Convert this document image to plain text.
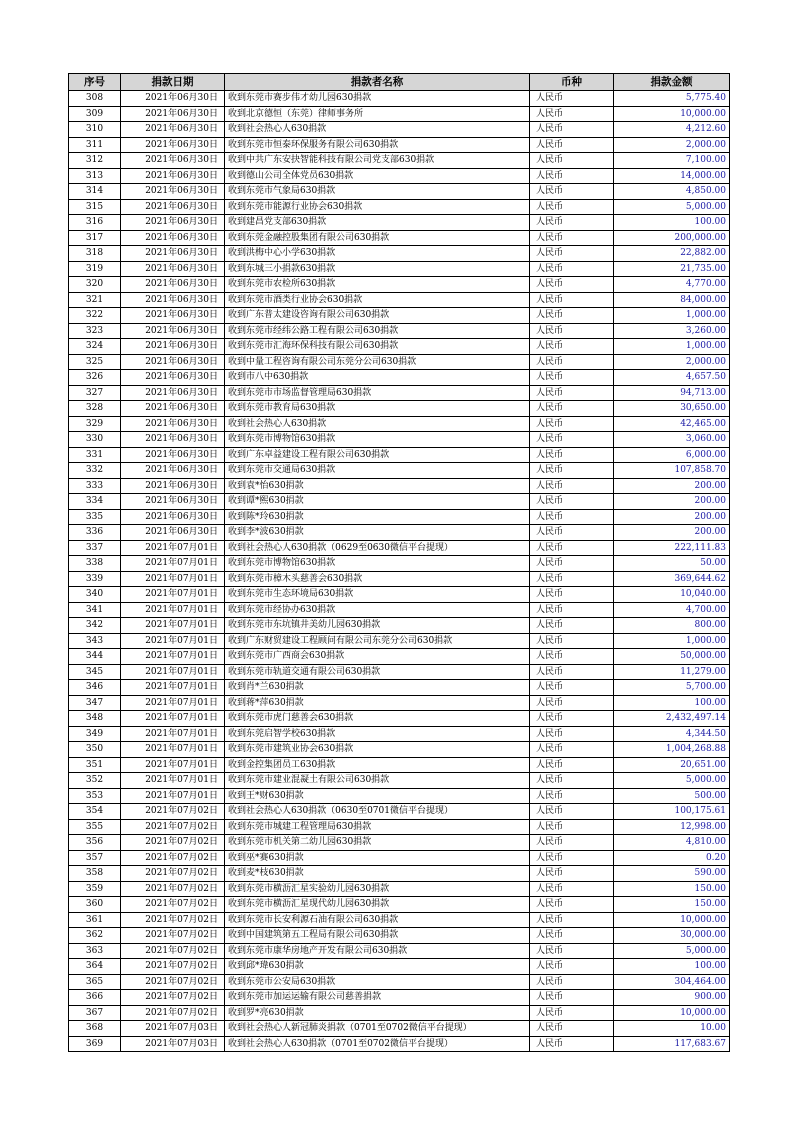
序号	捐款日期	捐款者名称	币种	捐款金额
308	2021年06月30日	收到东莞市赛步伟才幼儿园630捐款	人民币	5,775.40
309	2021年06月30日	收到北京德恒（东莞）律师事务所	人民币	10,000.00
310	2021年06月30日	收到社会热心人630捐款	人民币	4,212.60
311	2021年06月30日	收到东莞市恒泰环保服务有限公司630捐款	人民币	2,000.00
312	2021年06月30日	收到中共广东安抉智能科技有限公司党支部630捐款	人民币	7,100.00
313	2021年06月30日	收到德山公司全体党员630捐款	人民币	14,000.00
314	2021年06月30日	收到东莞市气象局630捐款	人民币	4,850.00
315	2021年06月30日	收到东莞市能源行业协会630捐款	人民币	5,000.00
316	2021年06月30日	收到建昌党支部630捐款	人民币	100.00
317	2021年06月30日	收到东莞金融控股集团有限公司630捐款	人民币	200,000.00
318	2021年06月30日	收到洪梅中心小学630捐款	人民币	22,882.00
319	2021年06月30日	收到东城三小捐款630捐款	人民币	21,735.00
320	2021年06月30日	收到东莞市农检所630捐款	人民币	4,770.00
321	2021年06月30日	收到东莞市酒类行业协会630捐款	人民币	84,000.00
322	2021年06月30日	收到广东普太建设咨询有限公司630捐款	人民币	1,000.00
323	2021年06月30日	收到东莞市经纬公路工程有限公司630捐款	人民币	3,260.00
324	2021年06月30日	收到东莞市汇海环保科技有限公司630捐款	人民币	1,000.00
325	2021年06月30日	收到中量工程咨询有限公司东莞分公司630捐款	人民币	2,000.00
326	2021年06月30日	收到市八中630捐款	人民币	4,657.50
327	2021年06月30日	收到东莞市市场监督管理局630捐款	人民币	94,713.00
328	2021年06月30日	收到东莞市教育局630捐款	人民币	30,650.00
329	2021年06月30日	收到社会热心人630捐款	人民币	42,465.00
330	2021年06月30日	收到东莞市博物馆630捐款	人民币	3,060.00
331	2021年06月30日	收到广东卓益建设工程有限公司630捐款	人民币	6,000.00
332	2021年06月30日	收到东莞市交通局630捐款	人民币	107,858.70
333	2021年06月30日	收到袁*怡630捐款	人民币	200.00
334	2021年06月30日	收到谭*熙630捐款	人民币	200.00
335	2021年06月30日	收到陈*玲630捐款	人民币	200.00
336	2021年06月30日	收到李*波630捐款	人民币	200.00
337	2021年07月01日	收到社会热心人630捐款（0629至0630微信平台提现）	人民币	222,111.83
338	2021年07月01日	收到东莞市博物馆630捐款	人民币	50.00
339	2021年07月01日	收到东莞市樟木头慈善会630捐款	人民币	369,644.62
340	2021年07月01日	收到东莞市生态环境局630捐款	人民币	10,040.00
341	2021年07月01日	收到东莞市经协办630捐款	人民币	4,700.00
342	2021年07月01日	收到东莞市东坑镇井美幼儿园630捐款	人民币	800.00
343	2021年07月01日	收到广东财贸建设工程顾问有限公司东莞分公司630捐款	人民币	1,000.00
344	2021年07月01日	收到东莞市广西商会630捐款	人民币	50,000.00
345	2021年07月01日	收到东莞市轨道交通有限公司630捐款	人民币	11,279.00
346	2021年07月01日	收到肖*兰630捐款	人民币	5,700.00
347	2021年07月01日	收到蒋*萍630捐款	人民币	100.00
348	2021年07月01日	收到东莞市虎门慈善会630捐款	人民币	2,432,497.14
349	2021年07月01日	收到东莞启智学校630捐款	人民币	4,344.50
350	2021年07月01日	收到东莞市建筑业协会630捐款	人民币	1,004,268.88
351	2021年07月01日	收到金控集团员工630捐款	人民币	20,651.00
352	2021年07月01日	收到东莞市建业混凝土有限公司630捐款	人民币	5,000.00
353	2021年07月01日	收到王*财630捐款	人民币	500.00
354	2021年07月02日	收到社会热心人630捐款（0630至0701微信平台提现）	人民币	100,175.61
355	2021年07月02日	收到东莞市城建工程管理局630捐款	人民币	12,998.00
356	2021年07月02日	收到东莞市机关第二幼儿园630捐款	人民币	4,810.00
357	2021年07月02日	收到巫*赛630捐款	人民币	0.20
358	2021年07月02日	收到麦*枝630捐款	人民币	590.00
359	2021年07月02日	收到东莞市横沥汇星实验幼儿园630捐款	人民币	150.00
360	2021年07月02日	收到东莞市横沥汇星现代幼儿园630捐款	人民币	150.00
361	2021年07月02日	收到东莞市长安利源石油有限公司630捐款	人民币	10,000.00
362	2021年07月02日	收到中国建筑第五工程局有限公司630捐款	人民币	30,000.00
363	2021年07月02日	收到东莞市康华房地产开发有限公司630捐款	人民币	5,000.00
364	2021年07月02日	收到邱*瑋630捐款	人民币	100.00
365	2021年07月02日	收到东莞市公安局630捐款	人民币	304,464.00
366	2021年07月02日	收到东莞市加运运输有限公司慈善捐款	人民币	900.00
367	2021年07月02日	收到罗*亮630捐款	人民币	10,000.00
368	2021年07月03日	收到社会热心人新冠肺炎捐款（0701至0702微信平台提现）	人民币	10.00
369	2021年07月03日	收到社会热心人630捐款（0701至0702微信平台提现）	人民币	117,683.67
